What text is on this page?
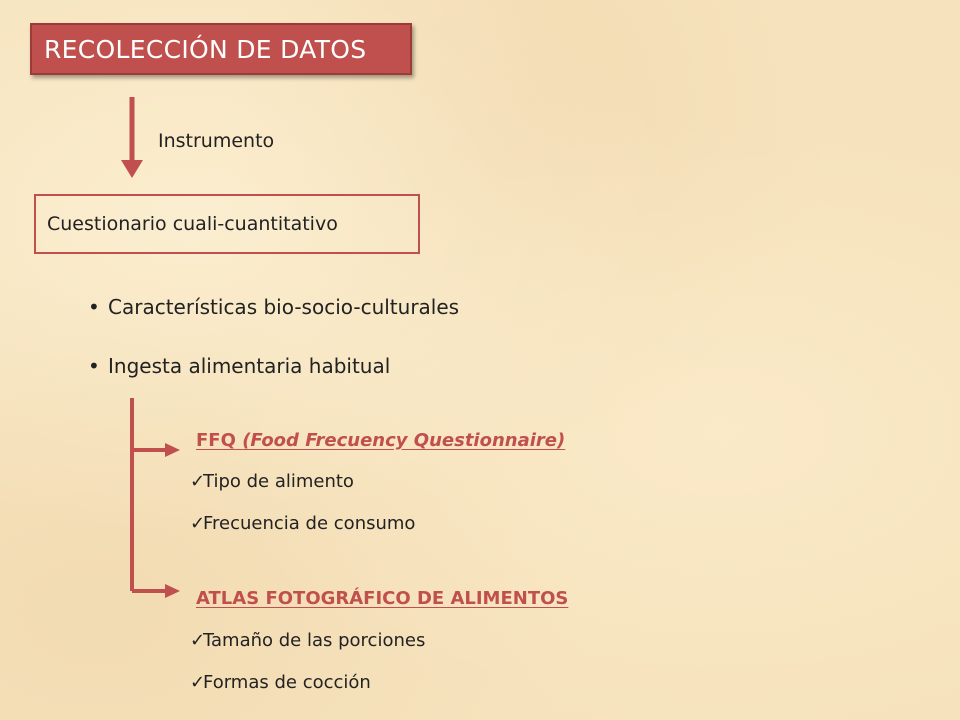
RECOLECCIÓN DE DATOS
Instrumento
Cuestionario cuali-cuantitativo
• Características bio-socio-culturales
• Ingesta alimentaria habitual
FFQ (Food Frecuency Questionnaire)
✓Tipo de alimento
✓Frecuencia de consumo
ATLAS FOTOGRÁFICO DE ALIMENTOS
✓Tamaño de las porciones
✓Formas de cocción
